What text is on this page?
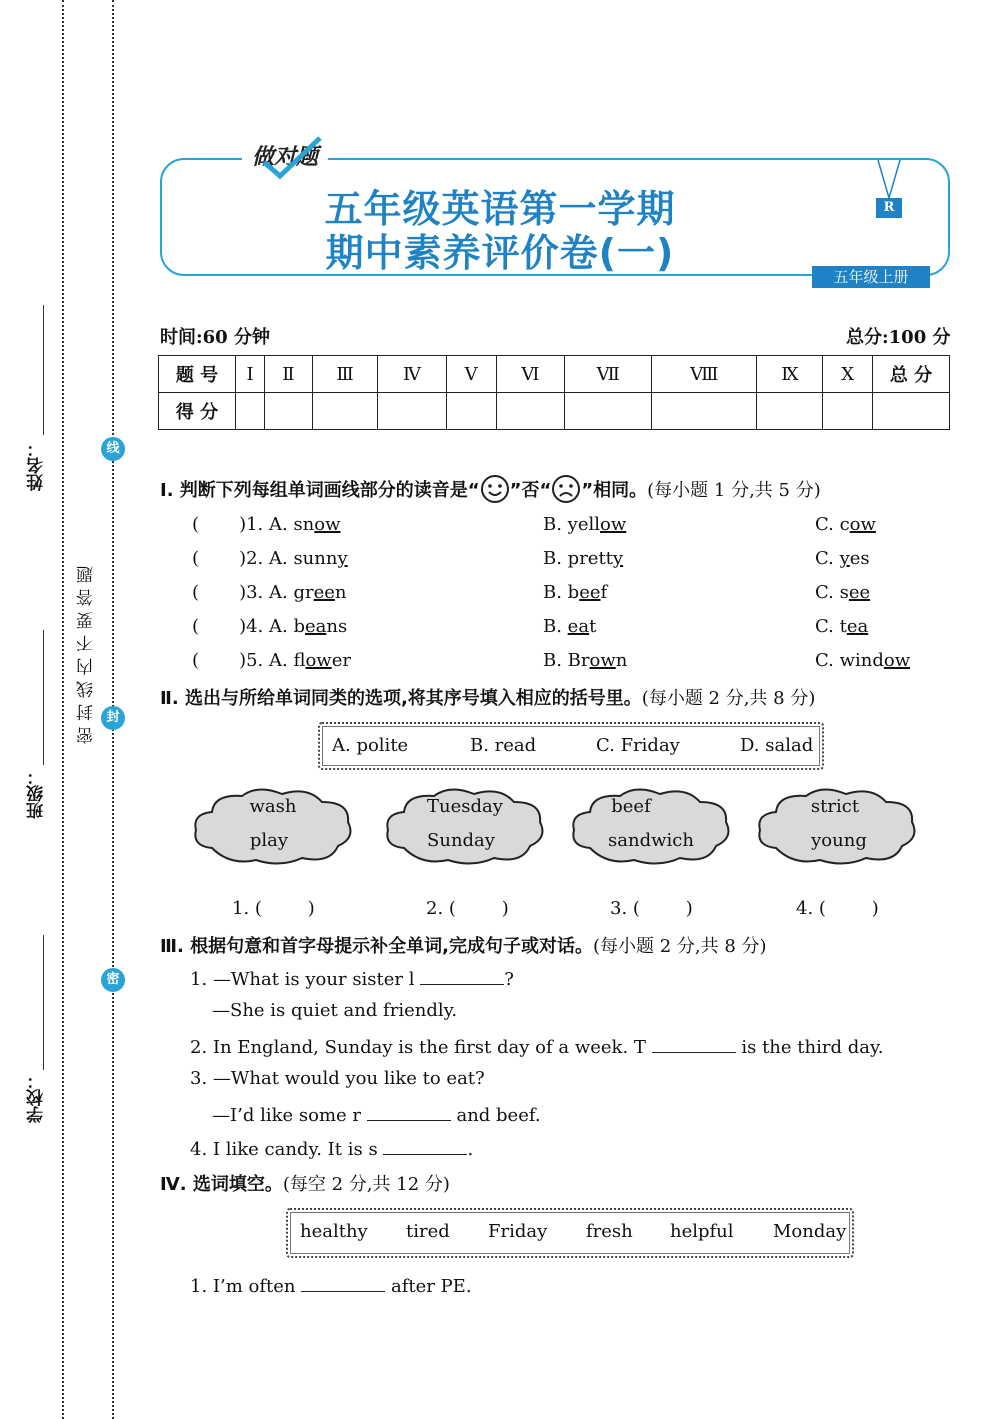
姓名：
班级：
学校：
线
封
密
密封线内不要答题
做对题
五年级英语第一学期
期中素养评价卷(一)
R
五年级上册
时间:60 分钟	总分:100 分
题 号	Ⅰ	Ⅱ	Ⅲ	Ⅳ	Ⅴ	Ⅵ	Ⅶ	Ⅷ	Ⅸ	Ⅹ	总 分
得 分											
Ⅰ. 判断下列每组单词画线部分的读音是“ ”否“ ”相同。(每小题 1 分,共 5 分)
(       )1. A. snow	B. yellow	C. cow
(       )2. A. sunny	B. pretty	C. yes
(       )3. A. green	B. beef	C. see
(       )4. A. beans	B. eat	C. tea
(       )5. A. flower	B. Brown	C. window
Ⅱ. 选出与所给单词同类的选项,将其序号填入相应的括号里。(每小题 2 分,共 8 分)
A. polite	B. read	C. Friday	D. salad
wash
play
Tuesday
Sunday
beef
sandwich
strict
young
1. (        )	2. (        )	3. (        )	4. (        )
Ⅲ. 根据句意和首字母提示补全单词,完成句子或对话。(每小题 2 分,共 8 分)
1. —What is your sister l	?
—She is quiet and friendly.
2. In England, Sunday is the first day of a week. T	is the third day.
3. —What would you like to eat?
—I’d like some r	and beef.
4. I like candy. It is s	.
Ⅳ. 选词填空。(每空 2 分,共 12 分)
healthy tired Friday fresh helpful Monday
1. I’m often	after PE.
